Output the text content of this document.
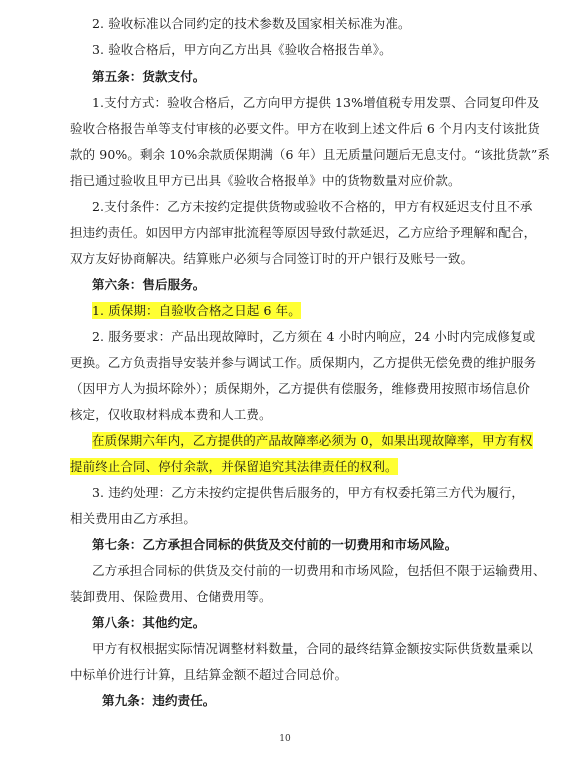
2. 验收标准以合同约定的技术参数及国家相关标准为准。
3. 验收合格后，甲方向乙方出具《验收合格报告单》。
第五条：货款支付。
1.支付方式：验收合格后，乙方向甲方提供 13%增值税专用发票、合同复印件及
验收合格报告单等支付审核的必要文件。甲方在收到上述文件后 6 个月内支付该批货
款的 90%。剩余 10%余款质保期满（6 年）且无质量问题后无息支付。“该批货款”系
指已通过验收且甲方已出具《验收合格报单》中的货物数量对应价款。
2.支付条件：乙方未按约定提供货物或验收不合格的，甲方有权延迟支付且不承
担违约责任。如因甲方内部审批流程等原因导致付款延迟，乙方应给予理解和配合，
双方友好协商解决。结算账户必须与合同签订时的开户银行及账号一致。
第六条：售后服务。
1. 质保期：自验收合格之日起 6 年。
2. 服务要求：产品出现故障时，乙方须在 4 小时内响应，24 小时内完成修复或
更换。乙方负责指导安装并参与调试工作。质保期内，乙方提供无偿免费的维护服务
（因甲方人为损坏除外）；质保期外，乙方提供有偿服务，维修费用按照市场信息价
核定，仅收取材料成本费和人工费。
在质保期六年内，乙方提供的产品故障率必须为 0，如果出现故障率，甲方有权
提前终止合同、停付余款，并保留追究其法律责任的权利。
3. 违约处理：乙方未按约定提供售后服务的，甲方有权委托第三方代为履行，
相关费用由乙方承担。
第七条：乙方承担合同标的供货及交付前的一切费用和市场风险。
乙方承担合同标的供货及交付前的一切费用和市场风险，包括但不限于运输费用、
装卸费用、保险费用、仓储费用等。
第八条：其他约定。
甲方有权根据实际情况调整材料数量，合同的最终结算金额按实际供货数量乘以
中标单价进行计算，且结算金额不超过合同总价。
第九条：违约责任。
10
